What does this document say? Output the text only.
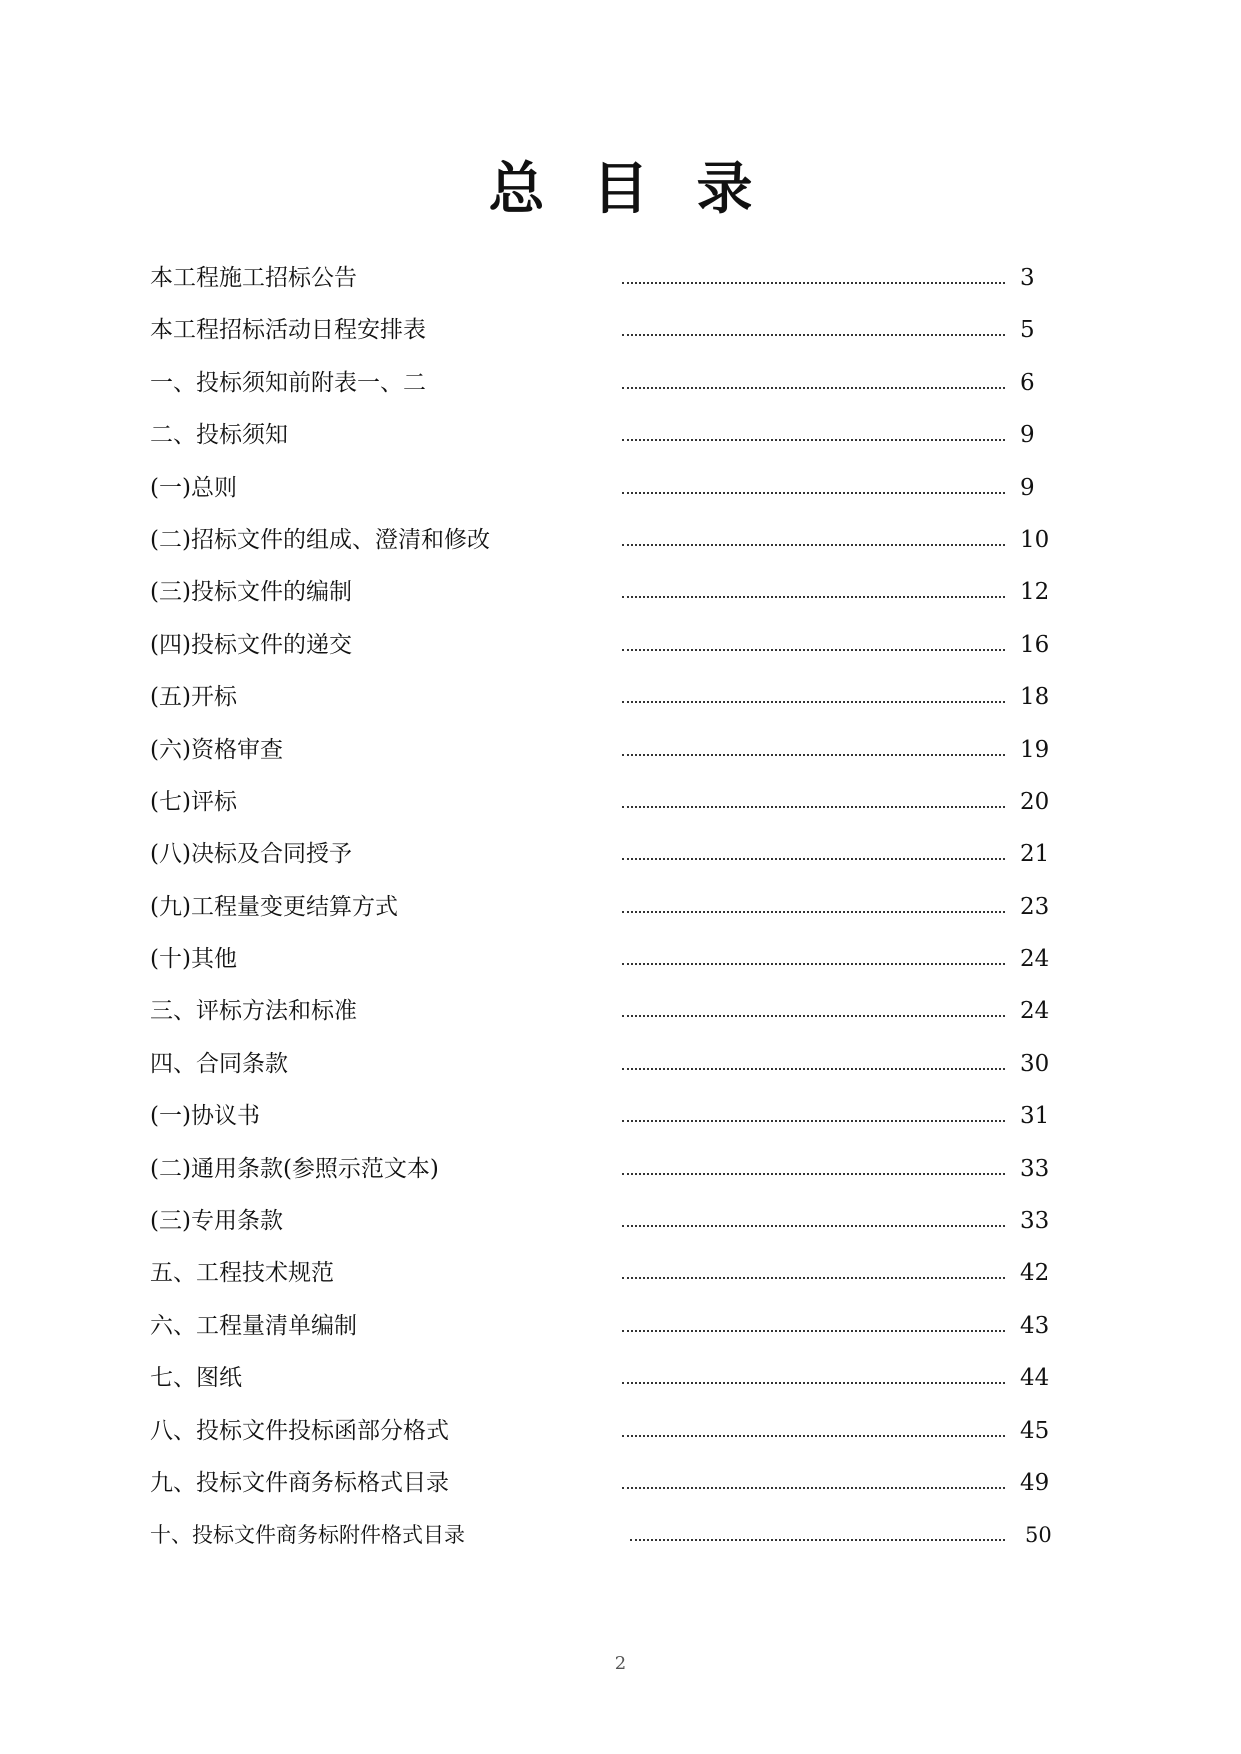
总目录
本工程施工招标公告	3
本工程招标活动日程安排表	5
一、投标须知前附表一、二	6
二、投标须知	9
(一)总则	9
(二)招标文件的组成、澄清和修改	10
(三)投标文件的编制	12
(四)投标文件的递交	16
(五)开标	18
(六)资格审查	19
(七)评标	20
(八)决标及合同授予	21
(九)工程量变更结算方式	23
(十)其他	24
三、评标方法和标准	24
四、合同条款	30
(一)协议书	31
(二)通用条款(参照示范文本)	33
(三)专用条款	33
五、工程技术规范	42
六、工程量清单编制	43
七、图纸	44
八、投标文件投标函部分格式	45
九、投标文件商务标格式目录	49
十、投标文件商务标附件格式目录	50
2
